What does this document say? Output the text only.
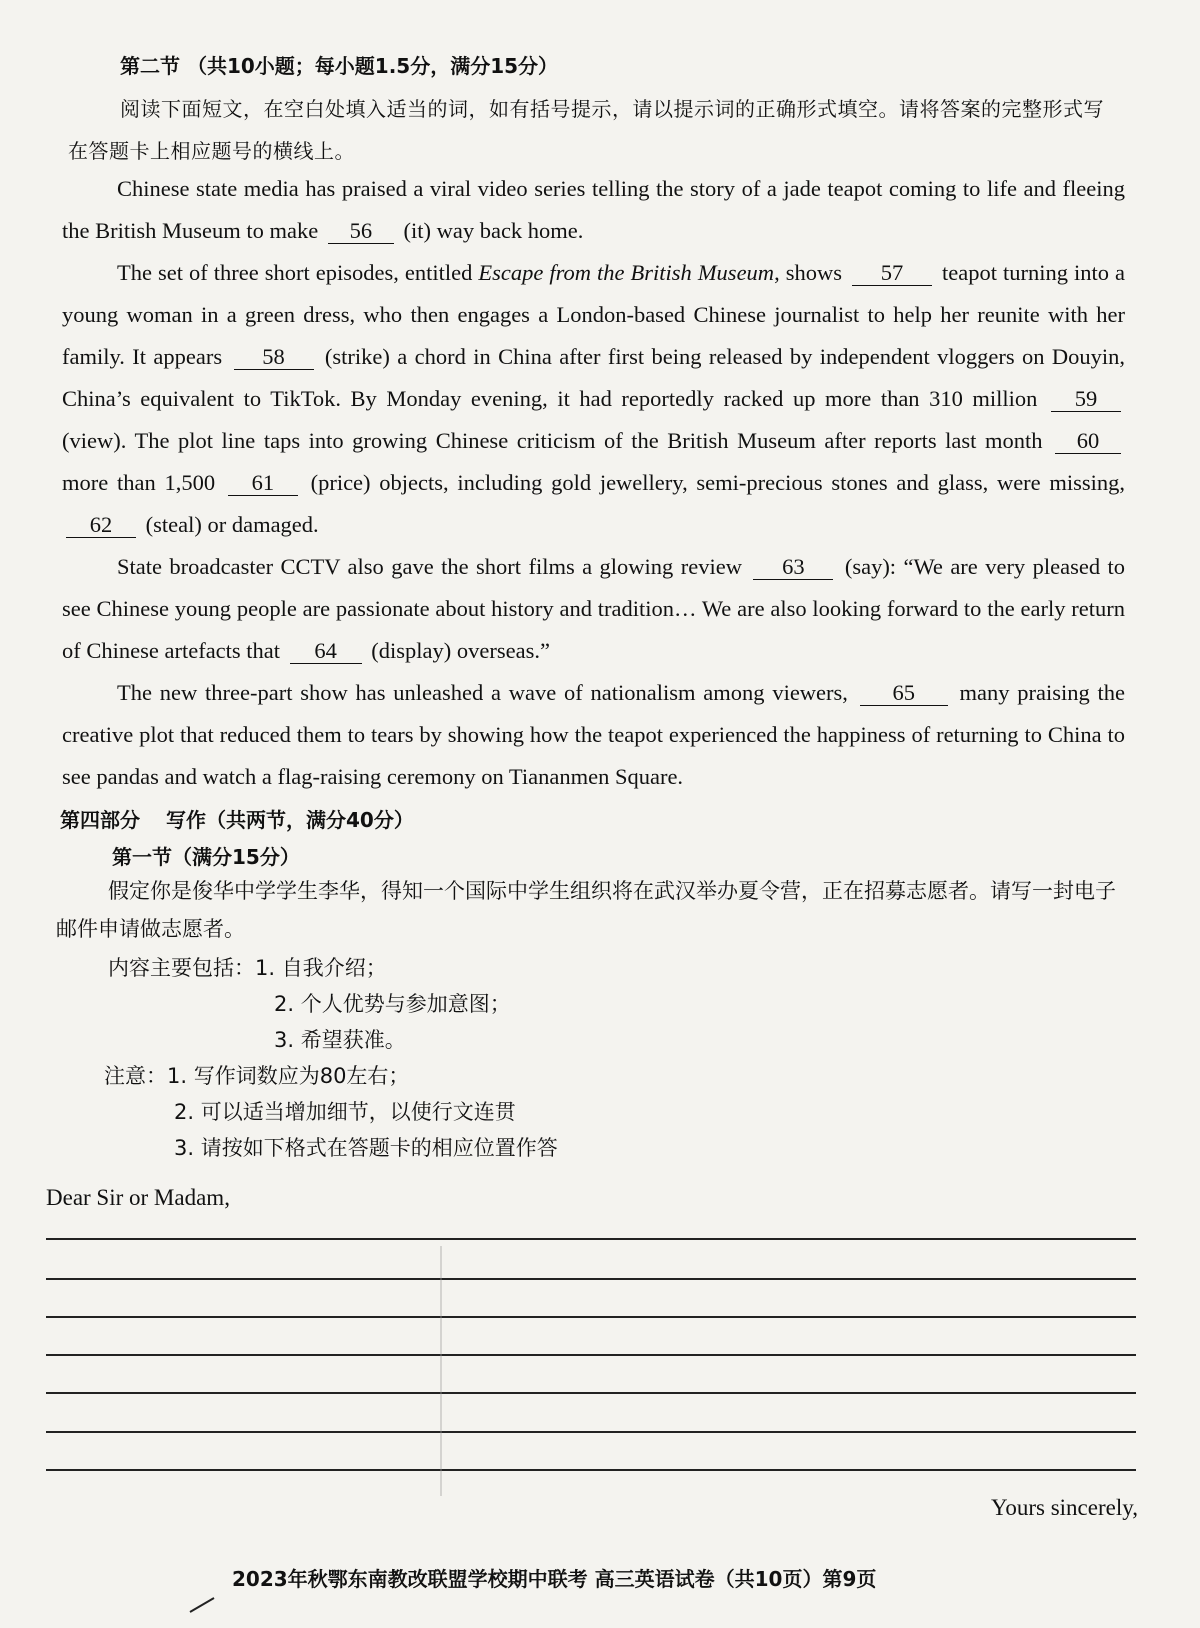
第二节 （共10小题；每小题1.5分，满分15分）
阅读下面短文，在空白处填入适当的词，如有括号提示，请以提示词的正确形式填空。请将答案的完整形式写在答题卡上相应题号的横线上。

Chinese state media has praised a viral video series telling the story of a jade teapot coming to life and fleeing the British Museum to make 56 (it) way back home.

The set of three short episodes, entitled Escape from the British Museum, shows 57 teapot turning into a young woman in a green dress, who then engages a London-based Chinese journalist to help her reunite with her family. It appears 58 (strike) a chord in China after first being released by independent vloggers on Douyin, China’s equivalent to TikTok. By Monday evening, it had reportedly racked up more than 310 million 59 (view). The plot line taps into growing Chinese criticism of the British Museum after reports last month 60 more than 1,500 61 (price) objects, including gold jewellery, semi-precious stones and glass, were missing, 62 (steal) or damaged.

State broadcaster CCTV also gave the short films a glowing review 63 (say): “We are very pleased to see Chinese young people are passionate about history and tradition… We are also looking forward to the early return of Chinese artefacts that 64 (display) overseas.”

The new three-part show has unleashed a wave of nationalism among viewers, 65 many praising the creative plot that reduced them to tears by showing how the teapot experienced the happiness of returning to China to see pandas and watch a flag-raising ceremony on Tiananmen Square.

第四部分 写作（共两节，满分40分）
第一节（满分15分）
假定你是俊华中学学生李华，得知一个国际中学生组织将在武汉举办夏令营，正在招募志愿者。请写一封电子邮件申请做志愿者。
内容主要包括：1. 自我介绍；
2. 个人优势与参加意图；
3. 希望获准。
注意：1. 写作词数应为80左右；
2. 可以适当增加细节，以使行文连贯
3. 请按如下格式在答题卡的相应位置作答
Dear Sir or Madam,
Yours sincerely,
2023年秋鄂东南教改联盟学校期中联考 高三英语试卷（共10页）第9页
